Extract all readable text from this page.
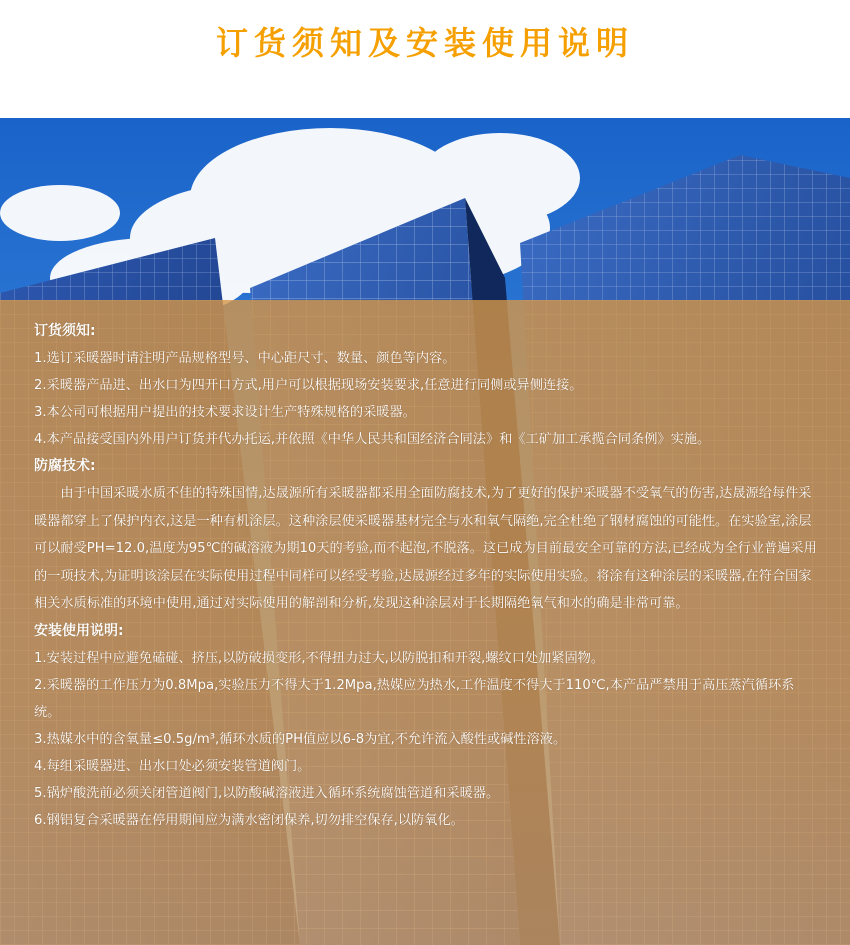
订货须知及安装使用说明
订货须知:
1.选订采暖器时请注明产品规格型号、中心距尺寸、数量、颜色等内容。
2.采暖器产品进、出水口为四开口方式,用户可以根据现场安装要求,任意进行同侧或异侧连接。
3.本公司可根据用户提出的技术要求设计生产特殊规格的采暖器。
4.本产品接受国内外用户订货并代办托运,并依照《中华人民共和国经济合同法》和《工矿加工承揽合同条例》实施。
防腐技术:
由于中国采暖水质不佳的特殊国情,达晟源所有采暖器都采用全面防腐技术,为了更好的保护采暖器不受氧气的伤害,达晟源给每件采暖器都穿上了保护内衣,这是一种有机涂层。这种涂层使采暖器基材完全与水和氧气隔绝,完全杜绝了钢材腐蚀的可能性。在实验室,涂层可以耐受PH=12.0,温度为95℃的碱溶液为期10天的考验,而不起泡,不脱落。这已成为目前最安全可靠的方法,已经成为全行业普遍采用的一项技术,为证明该涂层在实际使用过程中同样可以经受考验,达晟源经过多年的实际使用实验。将涂有这种涂层的采暖器,在符合国家相关水质标准的环境中使用,通过对实际使用的解剖和分析,发现这种涂层对于长期隔绝氧气和水的确是非常可靠。
安装使用说明:
1.安装过程中应避免磕碰、挤压,以防破损变形,不得扭力过大,以防脱扣和开裂,螺纹口处加紧固物。
2.采暖器的工作压力为0.8Mpa,实验压力不得大于1.2Mpa,热媒应为热水,工作温度不得大于110℃,本产品严禁用于高压蒸汽循环系统。
3.热媒水中的含氧量≤0.5g/m³,循环水质的PH值应以6-8为宜,不允许流入酸性或碱性溶液。
4.每组采暖器进、出水口处必须安装管道阀门。
5.锅炉酸洗前必须关闭管道阀门,以防酸碱溶液进入循环系统腐蚀管道和采暖器。
6.钢铝复合采暖器在停用期间应为满水密闭保养,切勿排空保存,以防氧化。
